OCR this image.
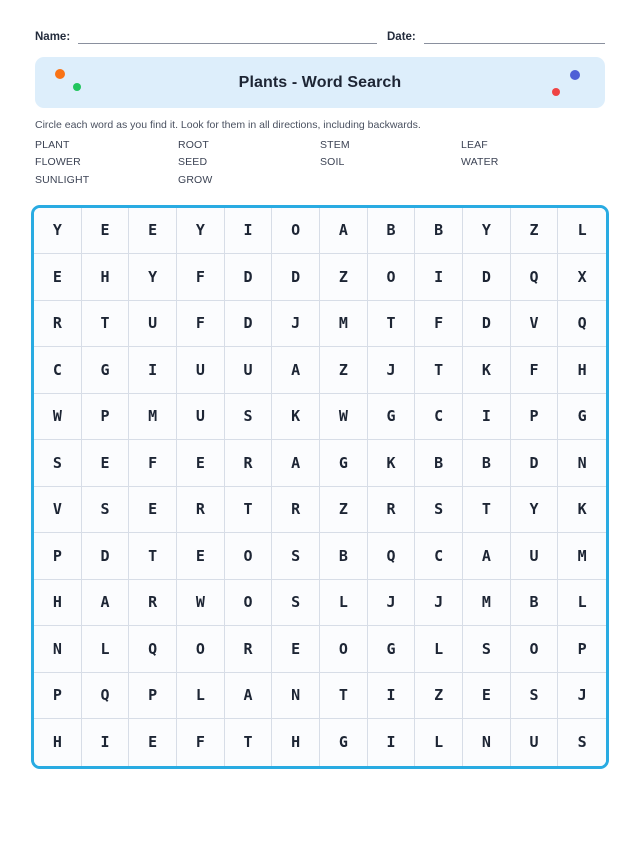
Name:	Date:
Plants - Word Search
Circle each word as you find it. Look for them in all directions, including backwards.
PLANT	ROOT	STEM	LEAF
FLOWER	SEED	SOIL	WATER
SUNLIGHT	GROW
Y	E	E	Y	I	O	A	B	B	Y	Z	L
E	H	Y	F	D	D	Z	O	I	D	Q	X
R	T	U	F	D	J	M	T	F	D	V	Q
C	G	I	U	U	A	Z	J	T	K	F	H
W	P	M	U	S	K	W	G	C	I	P	G
S	E	F	E	R	A	G	K	B	B	D	N
V	S	E	R	T	R	Z	R	S	T	Y	K
P	D	T	E	O	S	B	Q	C	A	U	M
H	A	R	W	O	S	L	J	J	M	B	L
N	L	Q	O	R	E	O	G	L	S	O	P
P	Q	P	L	A	N	T	I	Z	E	S	J
H	I	E	F	T	H	G	I	L	N	U	S
